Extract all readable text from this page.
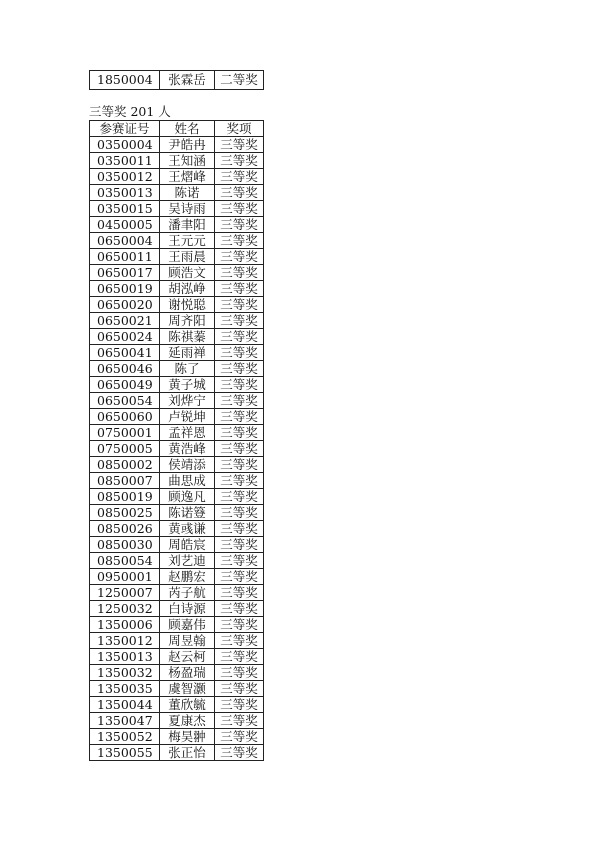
1850004	张霖岳	二等奖
三等奖 201 人
参赛证号	姓名	奖项
0350004	尹皓冉	三等奖
0350011	王知涵	三等奖
0350012	王熠峰	三等奖
0350013	陈诺	三等奖
0350015	吴诗雨	三等奖
0450005	潘聿阳	三等奖
0650004	王元元	三等奖
0650011	王雨晨	三等奖
0650017	顾浩文	三等奖
0650019	胡泓峥	三等奖
0650020	谢悦聪	三等奖
0650021	周齐阳	三等奖
0650024	陈祺蓁	三等奖
0650041	延雨禅	三等奖
0650046	陈了	三等奖
0650049	黄子城	三等奖
0650054	刘烨宁	三等奖
0650060	卢锐坤	三等奖
0750001	孟祥恩	三等奖
0750005	黄浩峰	三等奖
0850002	侯靖添	三等奖
0850007	曲思成	三等奖
0850019	顾逸凡	三等奖
0850025	陈诺簦	三等奖
0850026	黄彧谦	三等奖
0850030	周皓宸	三等奖
0850054	刘艺迪	三等奖
0950001	赵鹏宏	三等奖
1250007	芮子航	三等奖
1250032	白诗源	三等奖
1350006	顾嘉伟	三等奖
1350012	周昱翰	三等奖
1350013	赵云柯	三等奖
1350032	杨盈瑞	三等奖
1350035	虞智灏	三等奖
1350044	董欣毓	三等奖
1350047	夏康杰	三等奖
1350052	梅昊翀	三等奖
1350055	张正怡	三等奖
